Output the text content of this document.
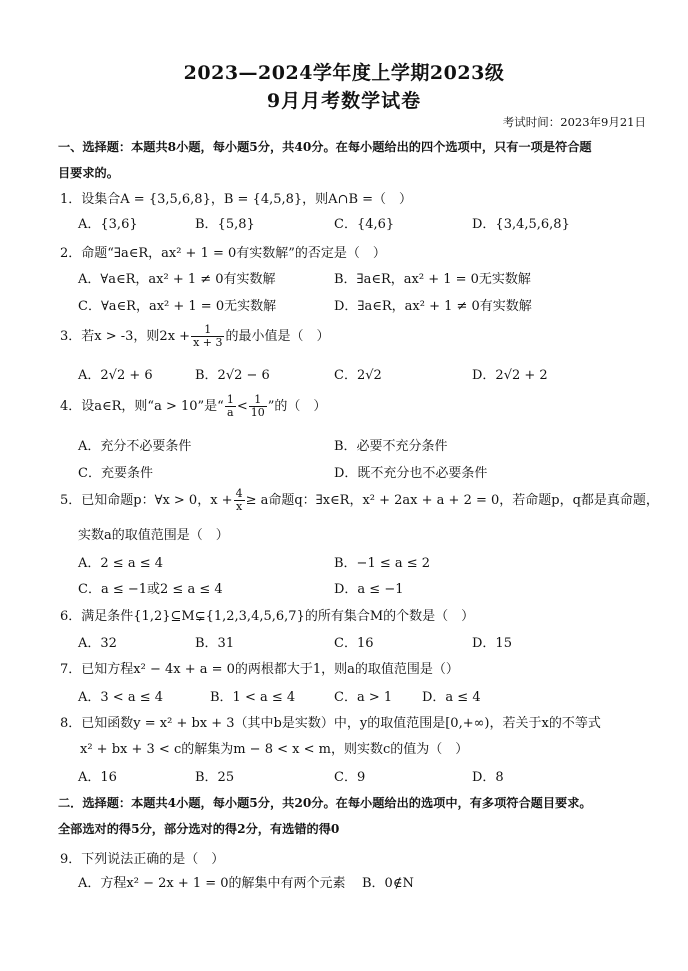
2023—2024学年度上学期2023级
9月月考数学试卷
考试时间：2023年9月21日
一、选择题：本题共8小题，每小题5分，共40分。在每小题给出的四个选项中，只有一项是符合题
目要求的。
1．设集合A = {3,5,6,8}，B = {4,5,8}，则A∩B =（　）
A．{3,6}	B．{5,8}	C．{4,6}	D．{3,4,5,6,8}
2．命题“∃a∈R，ax² + 1 = 0有实数解”的否定是（　）
A．∀a∈R，ax² + 1 ≠ 0有实数解	B．∃a∈R，ax² + 1 = 0无实数解
C．∀a∈R，ax² + 1 = 0无实数解	D．∃a∈R，ax² + 1 ≠ 0有实数解
3．若x > -3，则$2x + \frac{1}{x + 3}$ 的最小值是（　）
A．2√2 + 6	B．2√2 − 6	C．2√2	D．2√2 + 2
4．设a∈R，则“a > 10”是“ $\frac{1}{a} < \frac{1}{10}$ ”的（　）
A．充分不必要条件	B．必要不充分条件
C．充要条件	D．既不充分也不必要条件
5．已知命题p：∀x > 0，$x + \frac{4}{x} \ge a$命题q：∃x∈R，x² + 2ax + a + 2 = 0，若命题p，q都是真命题，
实数a的取值范围是（　）
A．2 ≤ a ≤ 4	B．−1 ≤ a ≤ 2
C．a ≤ −1或2 ≤ a ≤ 4	D．a ≤ −1
6．满足条件{1,2}⊆M⊊{1,2,3,4,5,6,7}的所有集合M的个数是（　）
A．32	B．31	C．16	D．15
7．已知方程x² − 4x + a = 0的两根都大于1，则a的取值范围是（）
A．3 < a ≤ 4	B．1 < a ≤ 4	C．a > 1 D．a ≤ 4
8．已知函数y = x² + bx + 3（其中b是实数）中，y的取值范围是[0,+∞)，若关于x的不等式
x² + bx + 3 < c的解集为m − 8 < x < m，则实数c的值为（　）
A．16	B．25	C．9	D．8
二．选择题：本题共4小题，每小题5分，共20分。在每小题给出的选项中，有多项符合题目要求。
全部选对的得5分，部分选对的得2分，有选错的得0
9．下列说法正确的是（　）
A．方程x² − 2x + 1 = 0的解集中有两个元素 B．0∉N
